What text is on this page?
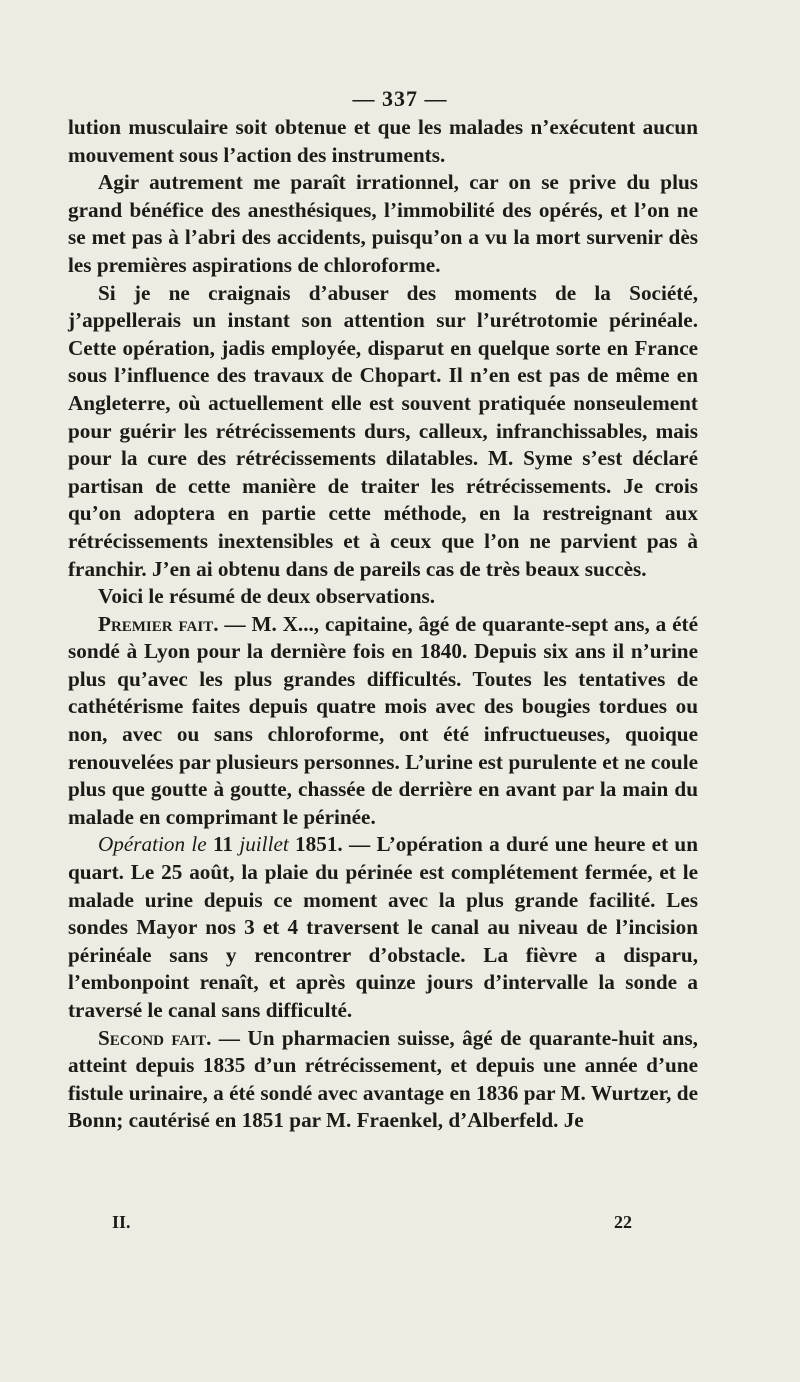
— 337 —

lution musculaire soit obtenue et que les malades n’exécutent aucun mouvement sous l’action des instruments.

Agir autrement me paraît irrationnel, car on se prive du plus grand bénéfice des anesthésiques, l’immobilité des opérés, et l’on ne se met pas à l’abri des accidents, puisqu’on a vu la mort survenir dès les premières aspirations de chloroforme.

Si je ne craignais d’abuser des moments de la Société, j’appellerais un instant son attention sur l’urétrotomie périnéale. Cette opération, jadis employée, disparut en quelque sorte en France sous l’influence des travaux de Chopart. Il n’en est pas de même en Angleterre, où actuellement elle est souvent pratiquée nonseulement pour guérir les rétrécissements durs, calleux, infranchissables, mais pour la cure des rétrécissements dilatables. M. Syme s’est déclaré partisan de cette manière de traiter les rétrécissements. Je crois qu’on adoptera en partie cette méthode, en la restreignant aux rétrécissements inextensibles et à ceux que l’on ne parvient pas à franchir. J’en ai obtenu dans de pareils cas de très beaux succès.

Voici le résumé de deux observations.

Premier fait. — M. X..., capitaine, âgé de quarante-sept ans, a été sondé à Lyon pour la dernière fois en 1840. Depuis six ans il n’urine plus qu’avec les plus grandes difficultés. Toutes les tentatives de cathétérisme faites depuis quatre mois avec des bougies tordues ou non, avec ou sans chloroforme, ont été infructueuses, quoique renouvelées par plusieurs personnes. L’urine est purulente et ne coule plus que goutte à goutte, chassée de derrière en avant par la main du malade en comprimant le périnée.

Opération le 11 juillet 1851. — L’opération a duré une heure et un quart. Le 25 août, la plaie du périnée est complétement fermée, et le malade urine depuis ce moment avec la plus grande facilité. Les sondes Mayor nos 3 et 4 traversent le canal au niveau de l’incision périnéale sans y rencontrer d’obstacle. La fièvre a disparu, l’embonpoint renaît, et après quinze jours d’intervalle la sonde a traversé le canal sans difficulté.

Second fait. — Un pharmacien suisse, âgé de quarante-huit ans, atteint depuis 1835 d’un rétrécissement, et depuis une année d’une fistule urinaire, a été sondé avec avantage en 1836 par M. Wurtzer, de Bonn; cautérisé en 1851 par M. Fraenkel, d’Alberfeld. Je

II.	22
